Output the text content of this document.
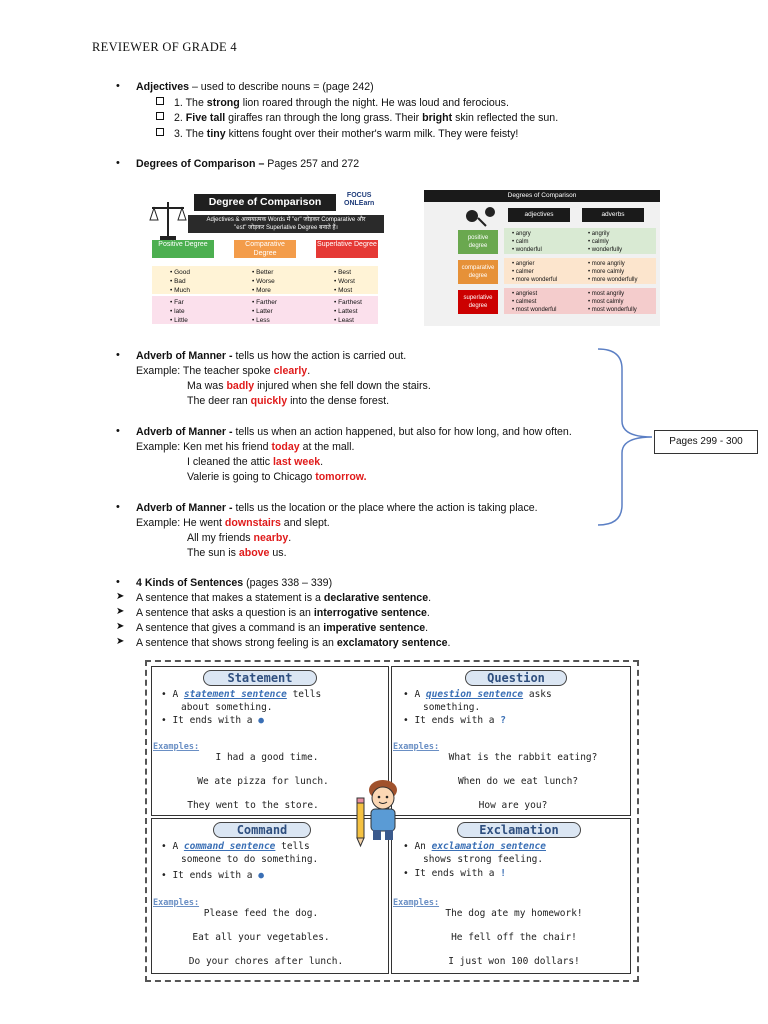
REVIEWER OF GRADE 4
• Adjectives – used to describe nouns = (page 242)
1. The strong lion roared through the night. He was loud and ferocious.
2. Five tall giraffes ran through the long grass. Their bright skin reflected the sun.
3. The tiny kittens fought over their mother's warm milk. They were feisty!
• Degrees of Comparison – Pages 257 and 272
Degree of Comparison
FOCUS
ONLEarn
Adjectives & अव्ययात्मक Words में "er" जोड़कर Comparative और
"est" जोड़कर Superlative Degree बनाते हैं।
Positive Degree	Comparative Degree
Superlative Degree
• Good
• Bad
• Much
• Better
• Worse
• More
• Best
• Worst
• Most
• Far
• late
• Little
• Farther
• Latter
• Less
• Farthest
• Lattest
• Least
Degrees of Comparison
adjectives	adverbs
positive degree
comparative degree
superlative degree
• angry
• calm
• wonderful
• angrily
• calmly
• wonderfully
• angrier
• calmer
• more wonderful
• more angrily
• more calmly
• more wonderfully
• angriest
• calmest
• most wonderful
• most angrily
• most calmly
• most wonderfully
• Adverb of Manner - tells us how the action is carried out.
Example: The teacher spoke clearly.
Ma was badly injured when she fell down the stairs.
The deer ran quickly into the dense forest.
• Adverb of Manner - tells us when an action happened, but also for how long, and how often.
Example: Ken met his friend today at the mall.
I cleaned the attic last week.
Valerie is going to Chicago tomorrow.
• Adverb of Manner - tells us the location or the place where the action is taking place.
Example: He went downstairs and slept.
All my friends nearby.
The sun is above us.
Pages 299 - 300
• 4 Kinds of Sentences (pages 338 – 339)
➤ A sentence that makes a statement is a declarative sentence.
➤ A sentence that asks a question is an interrogative sentence.
➤ A sentence that gives a command is an imperative sentence.
➤ A sentence that shows strong feeling is an exclamatory sentence.
Statement
• A statement sentence tells
about something.
• It ends with a ●
Examples:
I had a good time.
We ate pizza for lunch.
They went to the store.
Question
• A question sentence asks
something.
• It ends with a ?
Examples:
What is the rabbit eating?
When do we eat lunch?
How are you?
Command
• A command sentence tells
someone to do something.
• It ends with a ●
Examples:
Please feed the dog.
Eat all your vegetables.
Do your chores after lunch.
Exclamation
• An exclamation sentence
shows strong feeling.
• It ends with a !
Examples:
The dog ate my homework!
He fell off the chair!
I just won 100 dollars!
